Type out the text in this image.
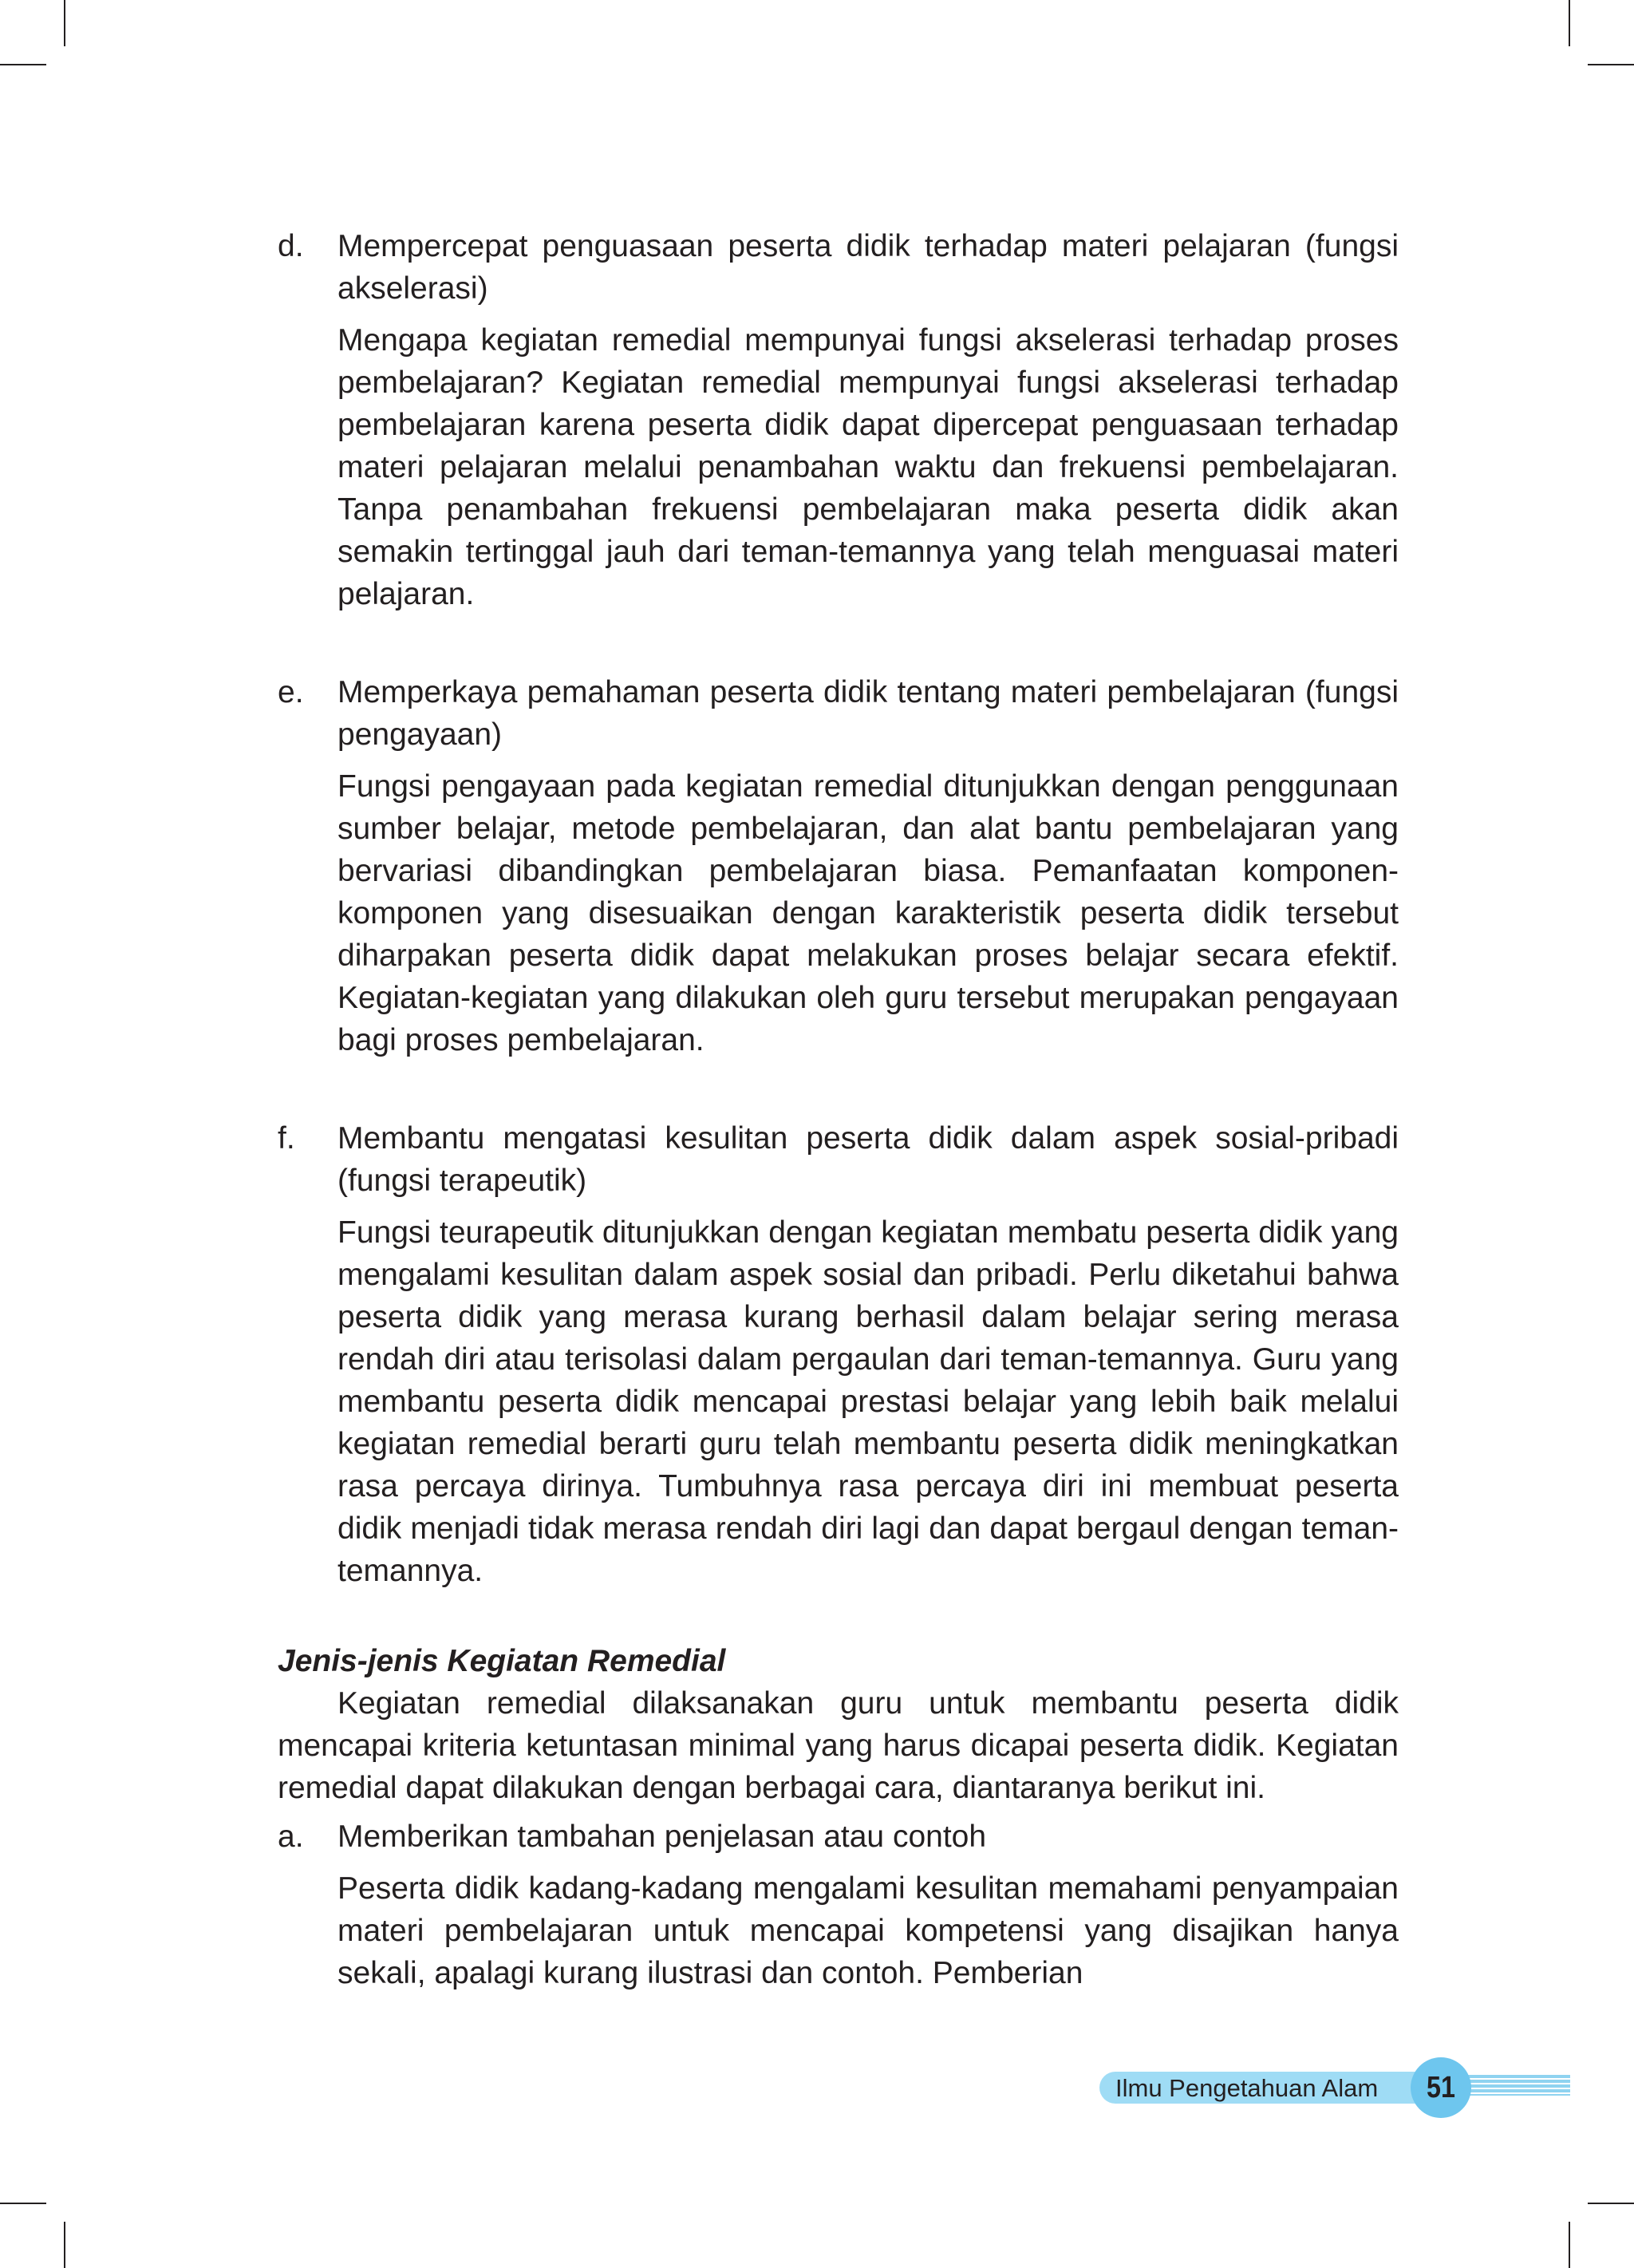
d. Mempercepat penguasaan peserta didik terhadap materi pelajaran (fungsi akselerasi)
Mengapa kegiatan remedial mempunyai fungsi akselerasi terhadap proses pembelajaran? Kegiatan remedial mempunyai fungsi akselerasi terhadap pembelajaran karena peserta didik dapat dipercepat penguasaan terhadap materi pelajaran melalui penambahan waktu dan frekuensi pembelajaran. Tanpa penambahan frekuensi pembelajaran maka peserta didik akan semakin tertinggal jauh dari teman-temannya yang telah menguasai materi pelajaran.
e. Memperkaya pemahaman peserta didik tentang materi pembelajaran (fungsi pengayaan)
Fungsi pengayaan pada kegiatan remedial ditunjukkan dengan penggunaan sumber belajar, metode pembelajaran, dan alat bantu pembelajaran yang bervariasi dibandingkan pembelajaran biasa. Pemanfaatan komponen-komponen yang disesuaikan dengan karakteristik peserta didik tersebut diharpakan peserta didik dapat melakukan proses belajar secara efektif. Kegiatan-kegiatan yang dilakukan oleh guru tersebut merupakan pengayaan bagi proses pembelajaran.
f. Membantu mengatasi kesulitan peserta didik dalam aspek sosial-pribadi (fungsi terapeutik)
Fungsi teurapeutik ditunjukkan dengan kegiatan membatu peserta didik yang mengalami kesulitan dalam aspek sosial dan pribadi. Perlu diketahui bahwa peserta didik yang merasa kurang berhasil dalam belajar sering merasa rendah diri atau terisolasi dalam pergaulan dari teman-temannya. Guru yang membantu peserta didik mencapai prestasi belajar yang lebih baik melalui kegiatan remedial berarti guru telah membantu peserta didik meningkatkan rasa percaya dirinya. Tumbuhnya rasa percaya diri ini membuat peserta didik menjadi tidak merasa rendah diri lagi dan dapat bergaul dengan teman-temannya.
Jenis-jenis Kegiatan Remedial
Kegiatan remedial dilaksanakan guru untuk membantu peserta didik mencapai kriteria ketuntasan minimal yang harus dicapai peserta didik. Kegiatan remedial dapat dilakukan dengan berbagai cara, diantaranya berikut ini.
a. Memberikan tambahan penjelasan atau contoh
Peserta didik kadang-kadang mengalami kesulitan memahami penyampaian materi pembelajaran untuk mencapai kompetensi yang disajikan hanya sekali, apalagi kurang ilustrasi dan contoh. Pemberian
Ilmu Pengetahuan Alam	51
